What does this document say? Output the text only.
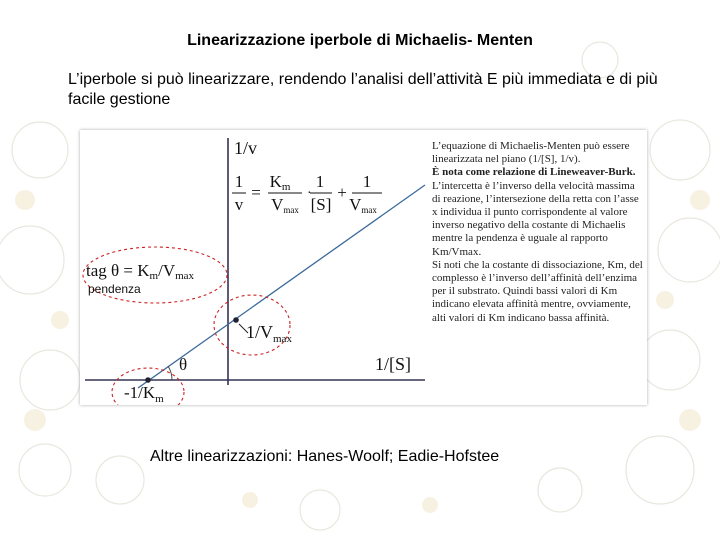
Linearizzazione iperbole di Michaelis- Menten
L’iperbole si può linearizzare, rendendo l’analisi dell’attività E più immediata e di più facile gestione
1/v
1/[S]
1
v
=
Km
Vmax
·
1
[S]
+
1
Vmax
tag θ = Km/Vmax
pendenza
$1/V_{max}$
$-1/K_m$
θ

L’equazione di Michaelis-Menten può essere linearizzata nel piano (1/[S], 1/v).

È nota come relazione di Lineweaver-Burk.

L’intercetta è l’inverso della velocità massima di reazione, l’intersezione della retta con l’asse x individua il punto corrispondente al valore inverso negativo della costante di Michaelis mentre la pendenza è uguale al rapporto Km/Vmax.

Si noti che la costante di dissociazione, Km, del complesso è l’inverso dell’affinità dell’enzima per il substrato. Quindi bassi valori di Km indicano elevata affinità mentre, ovviamente, alti valori di Km indicano bassa affinità.

Altre linearizzazioni: Hanes-Woolf; Eadie-Hofstee
